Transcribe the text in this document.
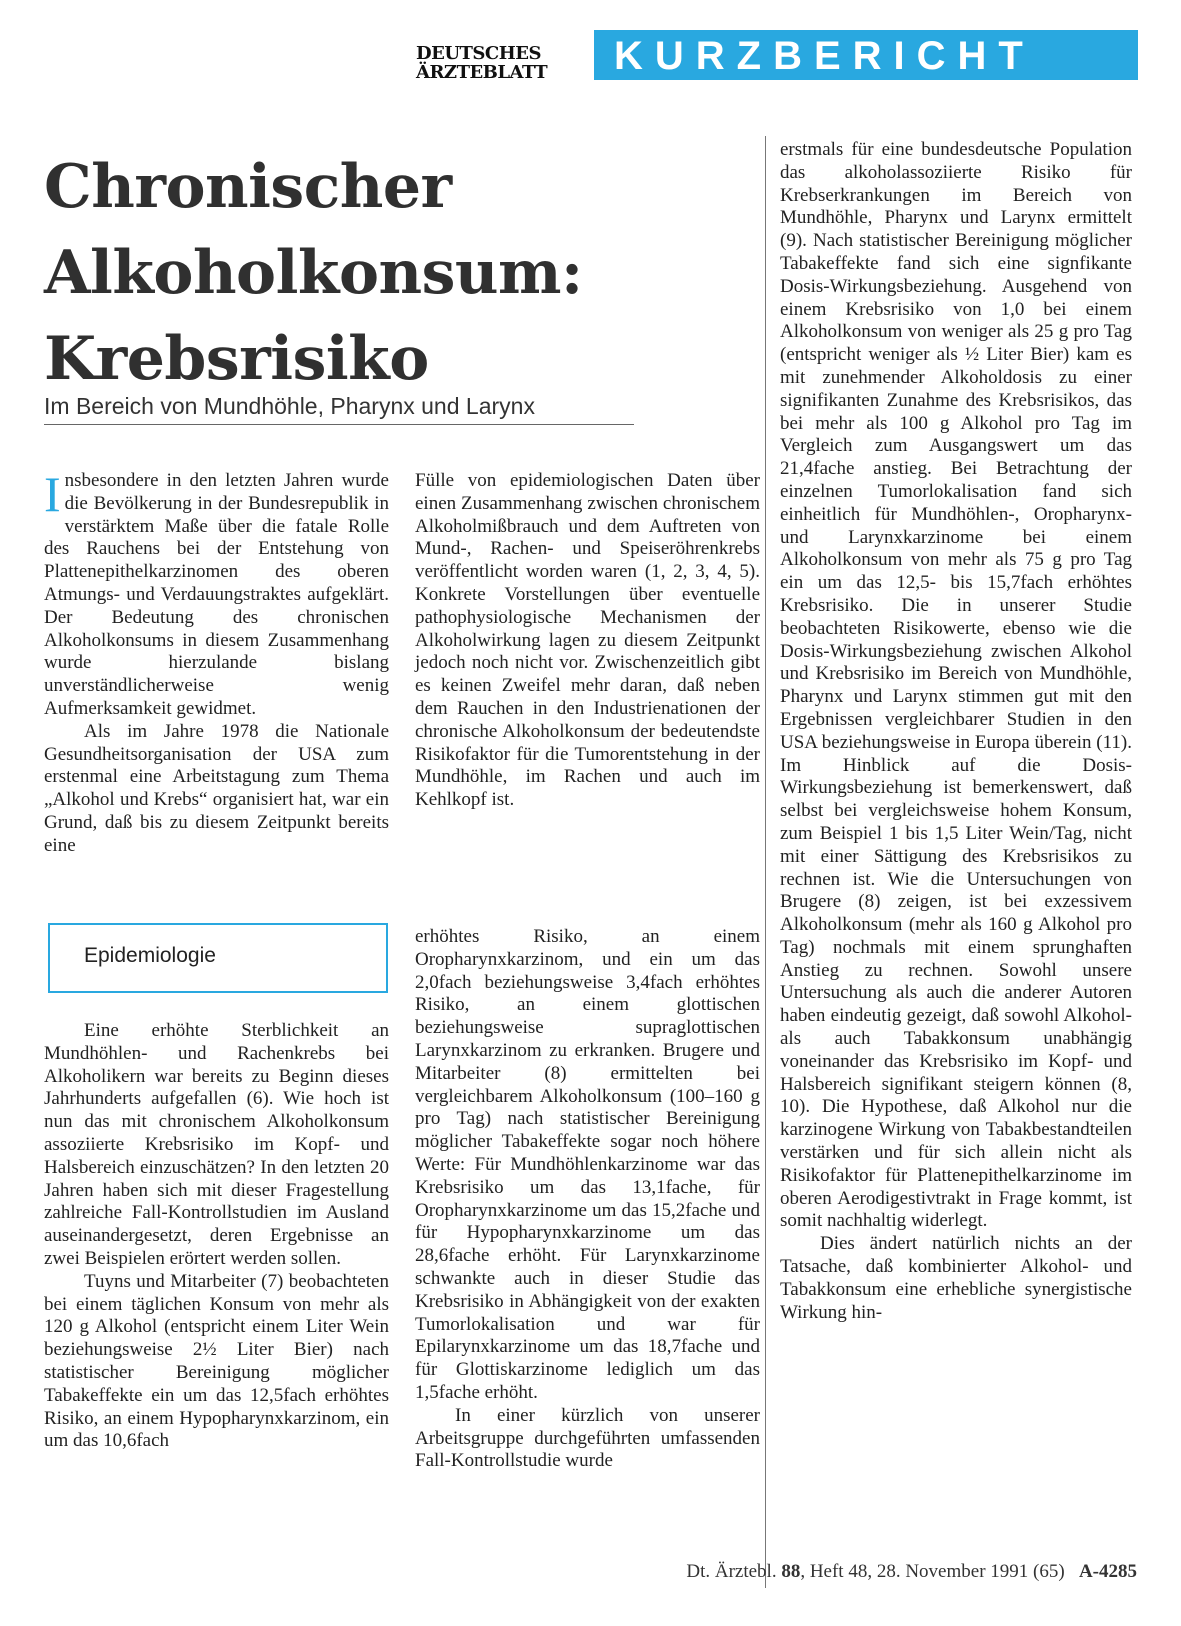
DEUTSCHES
ÄRZTEBLATT	KURZBERICHT
Chronischer
Alkoholkonsum:
Krebsrisiko
Im Bereich von Mundhöhle, Pharynx und Larynx

Insbesondere in den letzten Jahren wurde die Bevölkerung in der Bundesrepublik in verstärktem Maße über die fatale Rolle des Rauchens bei der Entstehung von Plattenepithelkarzinomen des oberen Atmungs- und Verdauungstraktes aufgeklärt. Der Bedeutung des chronischen Alkoholkonsums in diesem Zusammenhang wurde hierzulande bislang unverständlicherweise wenig Aufmerksamkeit gewidmet.

Als im Jahre 1978 die Nationale Gesundheitsorganisation der USA zum erstenmal eine Arbeitstagung zum Thema „Alkohol und Krebs“ organisiert hat, war ein Grund, daß bis zu diesem Zeitpunkt bereits eine

Fülle von epidemiologischen Daten über einen Zusammenhang zwischen chronischem Alkoholmißbrauch und dem Auftreten von Mund-, Rachen- und Speiseröhrenkrebs veröffentlicht worden waren (1, 2, 3, 4, 5). Konkrete Vorstellungen über eventuelle pathophysiologische Mechanismen der Alkoholwirkung lagen zu diesem Zeitpunkt jedoch noch nicht vor. Zwischenzeitlich gibt es keinen Zweifel mehr daran, daß neben dem Rauchen in den Industrienationen der chronische Alkoholkonsum der bedeutendste Risikofaktor für die Tumorentstehung in der Mundhöhle, im Rachen und auch im Kehlkopf ist.

Epidemiologie

Eine erhöhte Sterblichkeit an Mundhöhlen- und Rachenkrebs bei Alkoholikern war bereits zu Beginn dieses Jahrhunderts aufgefallen (6). Wie hoch ist nun das mit chronischem Alkoholkonsum assoziierte Krebsrisiko im Kopf- und Halsbereich einzuschätzen? In den letzten 20 Jahren haben sich mit dieser Fragestellung zahlreiche Fall-Kontrollstudien im Ausland auseinandergesetzt, deren Ergebnisse an zwei Beispielen erörtert werden sollen.

Tuyns und Mitarbeiter (7) beobachteten bei einem täglichen Konsum von mehr als 120 g Alkohol (entspricht einem Liter Wein beziehungsweise 2½ Liter Bier) nach statistischer Bereinigung möglicher Tabakeffekte ein um das 12,5fach erhöhtes Risiko, an einem Hypopharynxkarzinom, ein um das 10,6fach

erhöhtes Risiko, an einem Oropharynxkarzinom, und ein um das 2,0fach beziehungsweise 3,4fach erhöhtes Risiko, an einem glottischen beziehungsweise supraglottischen Larynxkarzinom zu erkranken. Brugere und Mitarbeiter (8) ermittelten bei vergleichbarem Alkoholkonsum (100–160 g pro Tag) nach statistischer Bereinigung möglicher Tabakeffekte sogar noch höhere Werte: Für Mundhöhlenkarzinome war das Krebsrisiko um das 13,1fache, für Oropharynxkarzinome um das 15,2fache und für Hypopharynxkarzinome um das 28,6fache erhöht. Für Larynxkarzinome schwankte auch in dieser Studie das Krebsrisiko in Abhängigkeit von der exakten Tumorlokalisation und war für Epilarynxkarzinome um das 18,7fache und für Glottiskarzinome lediglich um das 1,5fache erhöht.

In einer kürzlich von unserer Arbeitsgruppe durchgeführten umfassenden Fall-Kontrollstudie wurde

erstmals für eine bundesdeutsche Population das alkoholassoziierte Risiko für Krebserkrankungen im Bereich von Mundhöhle, Pharynx und Larynx ermittelt (9). Nach statistischer Bereinigung möglicher Tabakeffekte fand sich eine signfikante Dosis-Wirkungsbeziehung. Ausgehend von einem Krebsrisiko von 1,0 bei einem Alkoholkonsum von weniger als 25 g pro Tag (entspricht weniger als ½ Liter Bier) kam es mit zunehmender Alkoholdosis zu einer signifikanten Zunahme des Krebsrisikos, das bei mehr als 100 g Alkohol pro Tag im Vergleich zum Ausgangswert um das 21,4fache anstieg. Bei Betrachtung der einzelnen Tumorlokalisation fand sich einheitlich für Mundhöhlen-, Oropharynx- und Larynxkarzinome bei einem Alkoholkonsum von mehr als 75 g pro Tag ein um das 12,5- bis 15,7fach erhöhtes Krebsrisiko. Die in unserer Studie beobachteten Risikowerte, ebenso wie die Dosis-Wirkungsbeziehung zwischen Alkohol und Krebsrisiko im Bereich von Mundhöhle, Pharynx und Larynx stimmen gut mit den Ergebnissen vergleichbarer Studien in den USA beziehungsweise in Europa überein (11). Im Hinblick auf die Dosis-Wirkungsbeziehung ist bemerkenswert, daß selbst bei vergleichsweise hohem Konsum, zum Beispiel 1 bis 1,5 Liter Wein/Tag, nicht mit einer Sättigung des Krebsrisikos zu rechnen ist. Wie die Untersuchungen von Brugere (8) zeigen, ist bei exzessivem Alkoholkonsum (mehr als 160 g Alkohol pro Tag) nochmals mit einem sprunghaften Anstieg zu rechnen. Sowohl unsere Untersuchung als auch die anderer Autoren haben eindeutig gezeigt, daß sowohl Alkohol- als auch Tabakkonsum unabhängig voneinander das Krebsrisiko im Kopf- und Halsbereich signifikant steigern können (8, 10). Die Hypothese, daß Alkohol nur die karzinogene Wirkung von Tabakbestandteilen verstärken und für sich allein nicht als Risikofaktor für Plattenepithelkarzinome im oberen Aerodigestivtrakt in Frage kommt, ist somit nachhaltig widerlegt.

Dies ändert natürlich nichts an der Tatsache, daß kombinierter Alkohol- und Tabakkonsum eine erhebliche synergistische Wirkung hin-

Dt. Ärztebl. 88, Heft 48, 28. November 1991 (65) A-4285
